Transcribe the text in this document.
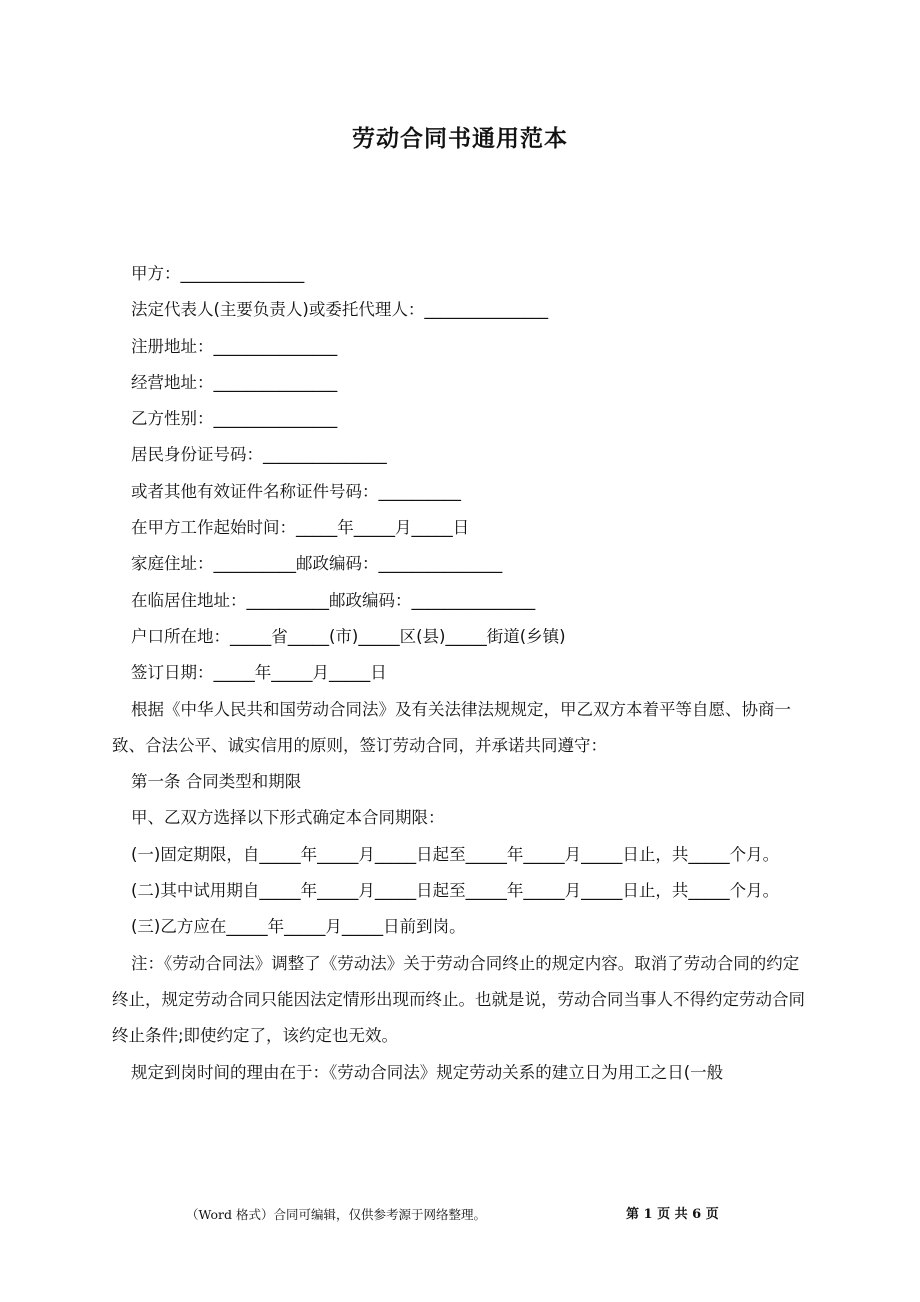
劳动合同书通用范本
甲方：_______________
法定代表人(主要负责人)或委托代理人：_______________
注册地址：_______________
经营地址：_______________
乙方性别：_______________
居民身份证号码：_______________
或者其他有效证件名称证件号码：__________
在甲方工作起始时间：_____年_____月_____日
家庭住址：__________邮政编码：_______________
在临居住地址：__________邮政编码：_______________
户口所在地：_____省_____(市)_____区(县)_____街道(乡镇)
签订日期：_____年_____月_____日
根据《中华人民共和国劳动合同法》及有关法律法规规定，甲乙双方本着平等自愿、协商一致、合法公平、诚实信用的原则，签订劳动合同，并承诺共同遵守：
第一条 合同类型和期限
甲、乙双方选择以下形式确定本合同期限：
(一)固定期限，自_____年_____月_____日起至_____年_____月_____日止，共_____个月。
(二)其中试用期自_____年_____月_____日起至_____年_____月_____日止，共_____个月。
(三)乙方应在_____年_____月_____日前到岗。
注：《劳动合同法》调整了《劳动法》关于劳动合同终止的规定内容。取消了劳动合同的约定终止，规定劳动合同只能因法定情形出现而终止。也就是说，劳动合同当事人不得约定劳动合同终止条件;即使约定了，该约定也无效。
规定到岗时间的理由在于：《劳动合同法》规定劳动关系的建立日为用工之日(一般
（Word 格式）合同可编辑，仅供参考源于网络整理。	第 1 页 共 6 页
